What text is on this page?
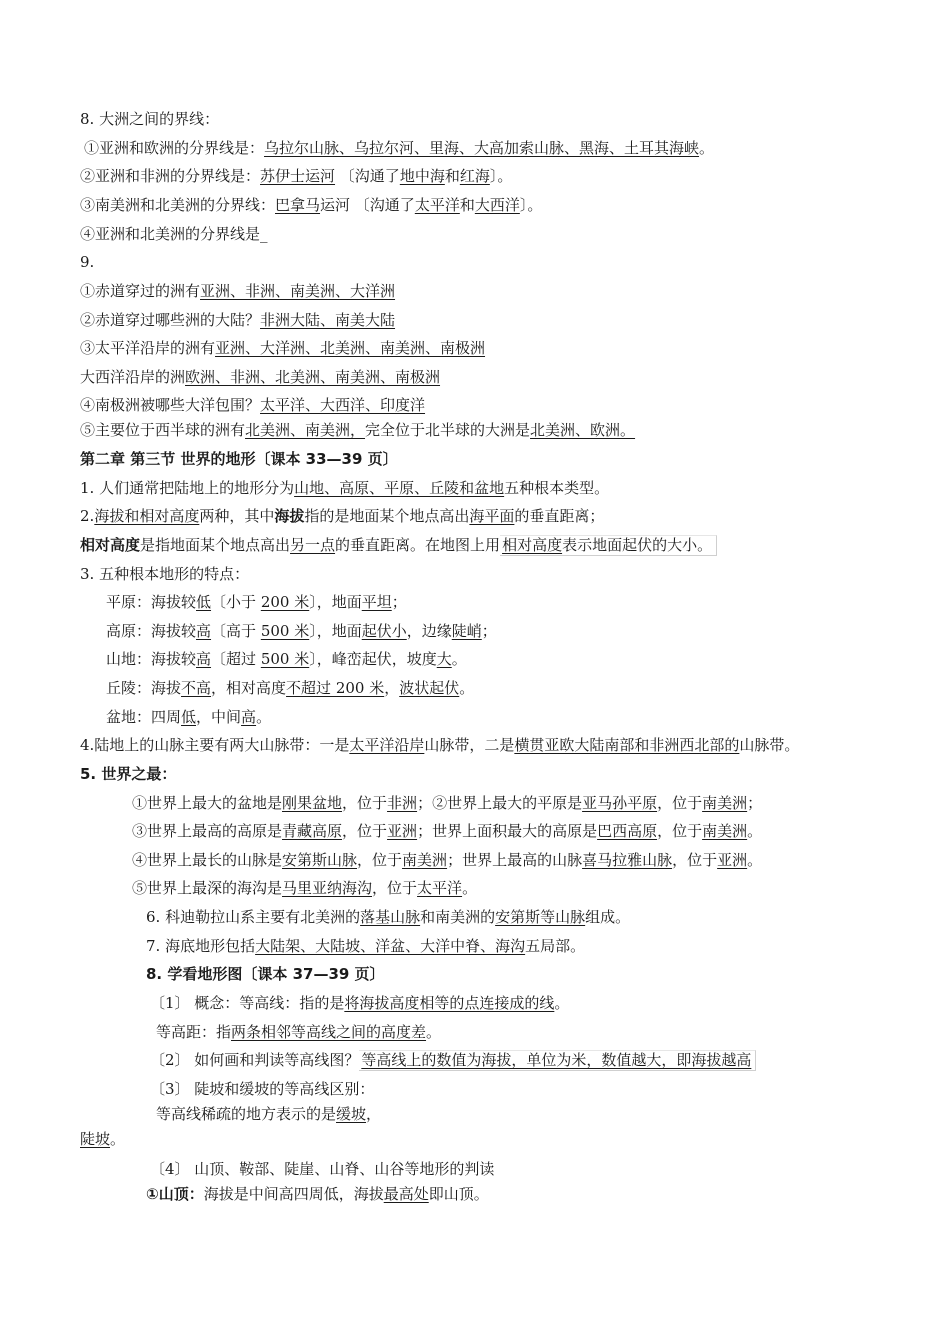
8. 大洲之间的界线：
①亚洲和欧洲的分界线是：乌拉尔山脉、乌拉尔河、里海、大高加索山脉、黑海、土耳其海峡。
②亚洲和非洲的分界线是：苏伊士运河 〔沟通了地中海和红海〕。
③南美洲和北美洲的分界线：巴拿马运河 〔沟通了太平洋和大西洋〕。
④亚洲和北美洲的分界线是_
9.
①赤道穿过的洲有亚洲、非洲、南美洲、大洋洲
②赤道穿过哪些洲的大陆？非洲大陆、南美大陆
③太平洋沿岸的洲有亚洲、大洋洲、北美洲、南美洲、南极洲
大西洋沿岸的洲欧洲、非洲、北美洲、南美洲、南极洲
④南极洲被哪些大洋包围？太平洋、大西洋、印度洋
⑤主要位于西半球的洲有北美洲、南美洲，完全位于北半球的大洲是北美洲、欧洲。
第二章 第三节 世界的地形〔课本 33—39 页〕
1. 人们通常把陆地上的地形分为山地、高原、平原、丘陵和盆地五种根本类型。
2.海拔和相对高度两种，其中海拔指的是地面某个地点高出海平面的垂直距离；
相对高度是指地面某个地点高出另一点的垂直距离。在地图上用 相对高度表示地面起伏的大小。
3. 五种根本地形的特点：
平原：海拔较低〔小于 200 米〕，地面平坦；
高原：海拔较高〔高于 500 米〕，地面起伏小，边缘陡峭；
山地：海拔较高〔超过 500 米〕，峰峦起伏，坡度大。
丘陵：海拔不高，相对高度不超过 200 米，波状起伏。
盆地：四周低，中间高。
4.陆地上的山脉主要有两大山脉带：一是太平洋沿岸山脉带，二是横贯亚欧大陆南部和非洲西北部的山脉带。
5. 世界之最：
①世界上最大的盆地是刚果盆地，位于非洲；②世界上最大的平原是亚马孙平原，位于南美洲；
③世界上最高的高原是青藏高原，位于亚洲；世界上面积最大的高原是巴西高原，位于南美洲。
④世界上最长的山脉是安第斯山脉，位于南美洲；世界上最高的山脉喜马拉雅山脉，位于亚洲。
⑤世界上最深的海沟是马里亚纳海沟，位于太平洋。
6. 科迪勒拉山系主要有北美洲的落基山脉和南美洲的安第斯等山脉组成。
7. 海底地形包括大陆架、大陆坡、洋盆、大洋中脊、海沟五局部。
8. 学看地形图〔课本 37—39 页〕
〔1〕 概念：等高线：指的是将海拔高度相等的点连接成的线。
等高距：指两条相邻等高线之间的高度差。
〔2〕 如何画和判读等高线图？ 等高线上的数值为海拔，单位为米，数值越大，即海拔越高
〔3〕 陡坡和缓坡的等高线区别：
等高线稀疏的地方表示的是缓坡，
陡坡。
〔4〕 山顶、鞍部、陡崖、山脊、山谷等地形的判读
①山顶：海拔是中间高四周低，海拔最高处即山顶。
